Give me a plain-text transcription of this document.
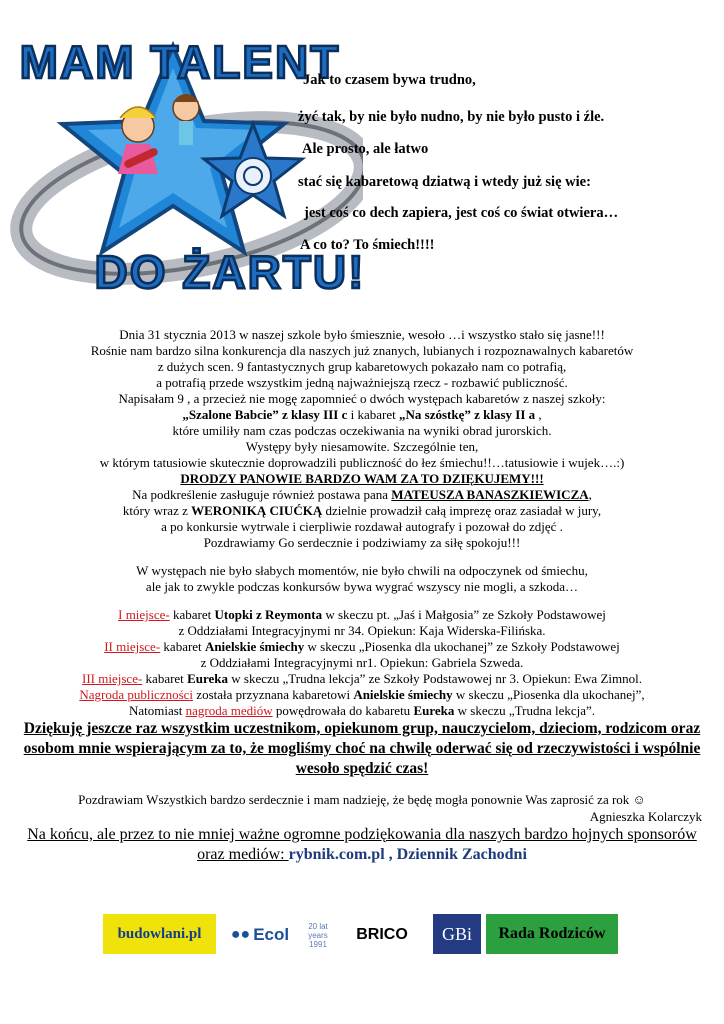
MAM TALENT
DO ŻARTU!
Jak to czasem bywa trudno,
żyć tak, by nie było nudno, by nie było pusto i źle.
Ale prosto, ale łatwo
stać się kabaretową dziatwą i wtedy już się wie:
jest coś co dech zapiera, jest coś co świat otwiera…
A co to? To śmiech!!!!

Dnia 31 stycznia 2013 w naszej szkole było śmiesznie, wesoło …i wszystko stało się jasne!!!

Rośnie nam bardzo silna konkurencja dla naszych już znanych, lubianych i rozpoznawalnych kabaretów

z dużych scen. 9 fantastycznych grup kabaretowych pokazało nam co potrafią,

a potrafią przede wszystkim jedną najważniejszą rzecz - rozbawić publiczność.

Napisałam 9 , a przecież nie mogę zapomnieć o dwóch występach kabaretów z naszej szkoły:

„Szalone Babcie” z klasy III c i kabaret „Na szóstkę” z klasy II a ,

które umiliły nam czas podczas oczekiwania na wyniki obrad jurorskich.

Występy były niesamowite. Szczególnie ten,

w którym tatusiowie skutecznie doprowadzili publiczność do łez śmiechu!!…tatusiowie i wujek….:)

DRODZY PANOWIE BARDZO WAM ZA TO DZIĘKUJEMY!!!

Na podkreślenie zasługuje również postawa pana MATEUSZA BANASZKIEWICZA,

który wraz z WERONIKĄ CIUĆKĄ dzielnie prowadził całą imprezę oraz zasiadał w jury,

a po konkursie wytrwale i cierpliwie rozdawał autografy i pozował do zdjęć .

Pozdrawiamy Go serdecznie i podziwiamy za siłę spokoju!!!

W występach nie było słabych momentów, nie było chwili na odpoczynek od śmiechu,

ale jak to zwykle podczas konkursów bywa wygrać wszyscy nie mogli, a szkoda…

I miejsce- kabaret Utopki z Reymonta w skeczu pt. „Jaś i Małgosia” ze Szkoły Podstawowej

z Oddziałami Integracyjnymi nr 34. Opiekun: Kaja Widerska-Filińska.

II miejsce- kabaret Anielskie śmiechy w skeczu „Piosenka dla ukochanej” ze Szkoły Podstawowej

z Oddziałami Integracyjnymi nr1. Opiekun: Gabriela Szweda.

III miejsce- kabaret Eureka w skeczu „Trudna lekcja” ze Szkoły Podstawowej nr 3. Opiekun: Ewa Zimnol.

Nagroda publiczności została przyznana kabaretowi Anielskie śmiechy w skeczu „Piosenka dla ukochanej”,

Natomiast nagroda mediów powędrowała do kabaretu Eureka w skeczu „Trudna lekcja”.

Dziękuję jeszcze raz wszystkim uczestnikom, opiekunom grup, nauczycielom, dzieciom, rodzicom oraz osobom mnie wspierającym za to, że mogliśmy choć na chwilę oderwać się od rzeczywistości i wspólnie wesoło spędzić czas!

Pozdrawiam Wszystkich bardzo serdecznie i mam nadzieję, że będę mogła ponownie Was zaprosić za rok ☺

Agnieszka Kolarczyk

Na końcu, ale przez to nie mniej ważne ogromne podziękowania dla naszych bardzo hojnych sponsorów oraz mediów: rybnik.com.pl , Dziennik Zachodni

budowlani.pl	●● Ecol	20 lat years 1991
BRICO	GBi	Rada Rodziców
